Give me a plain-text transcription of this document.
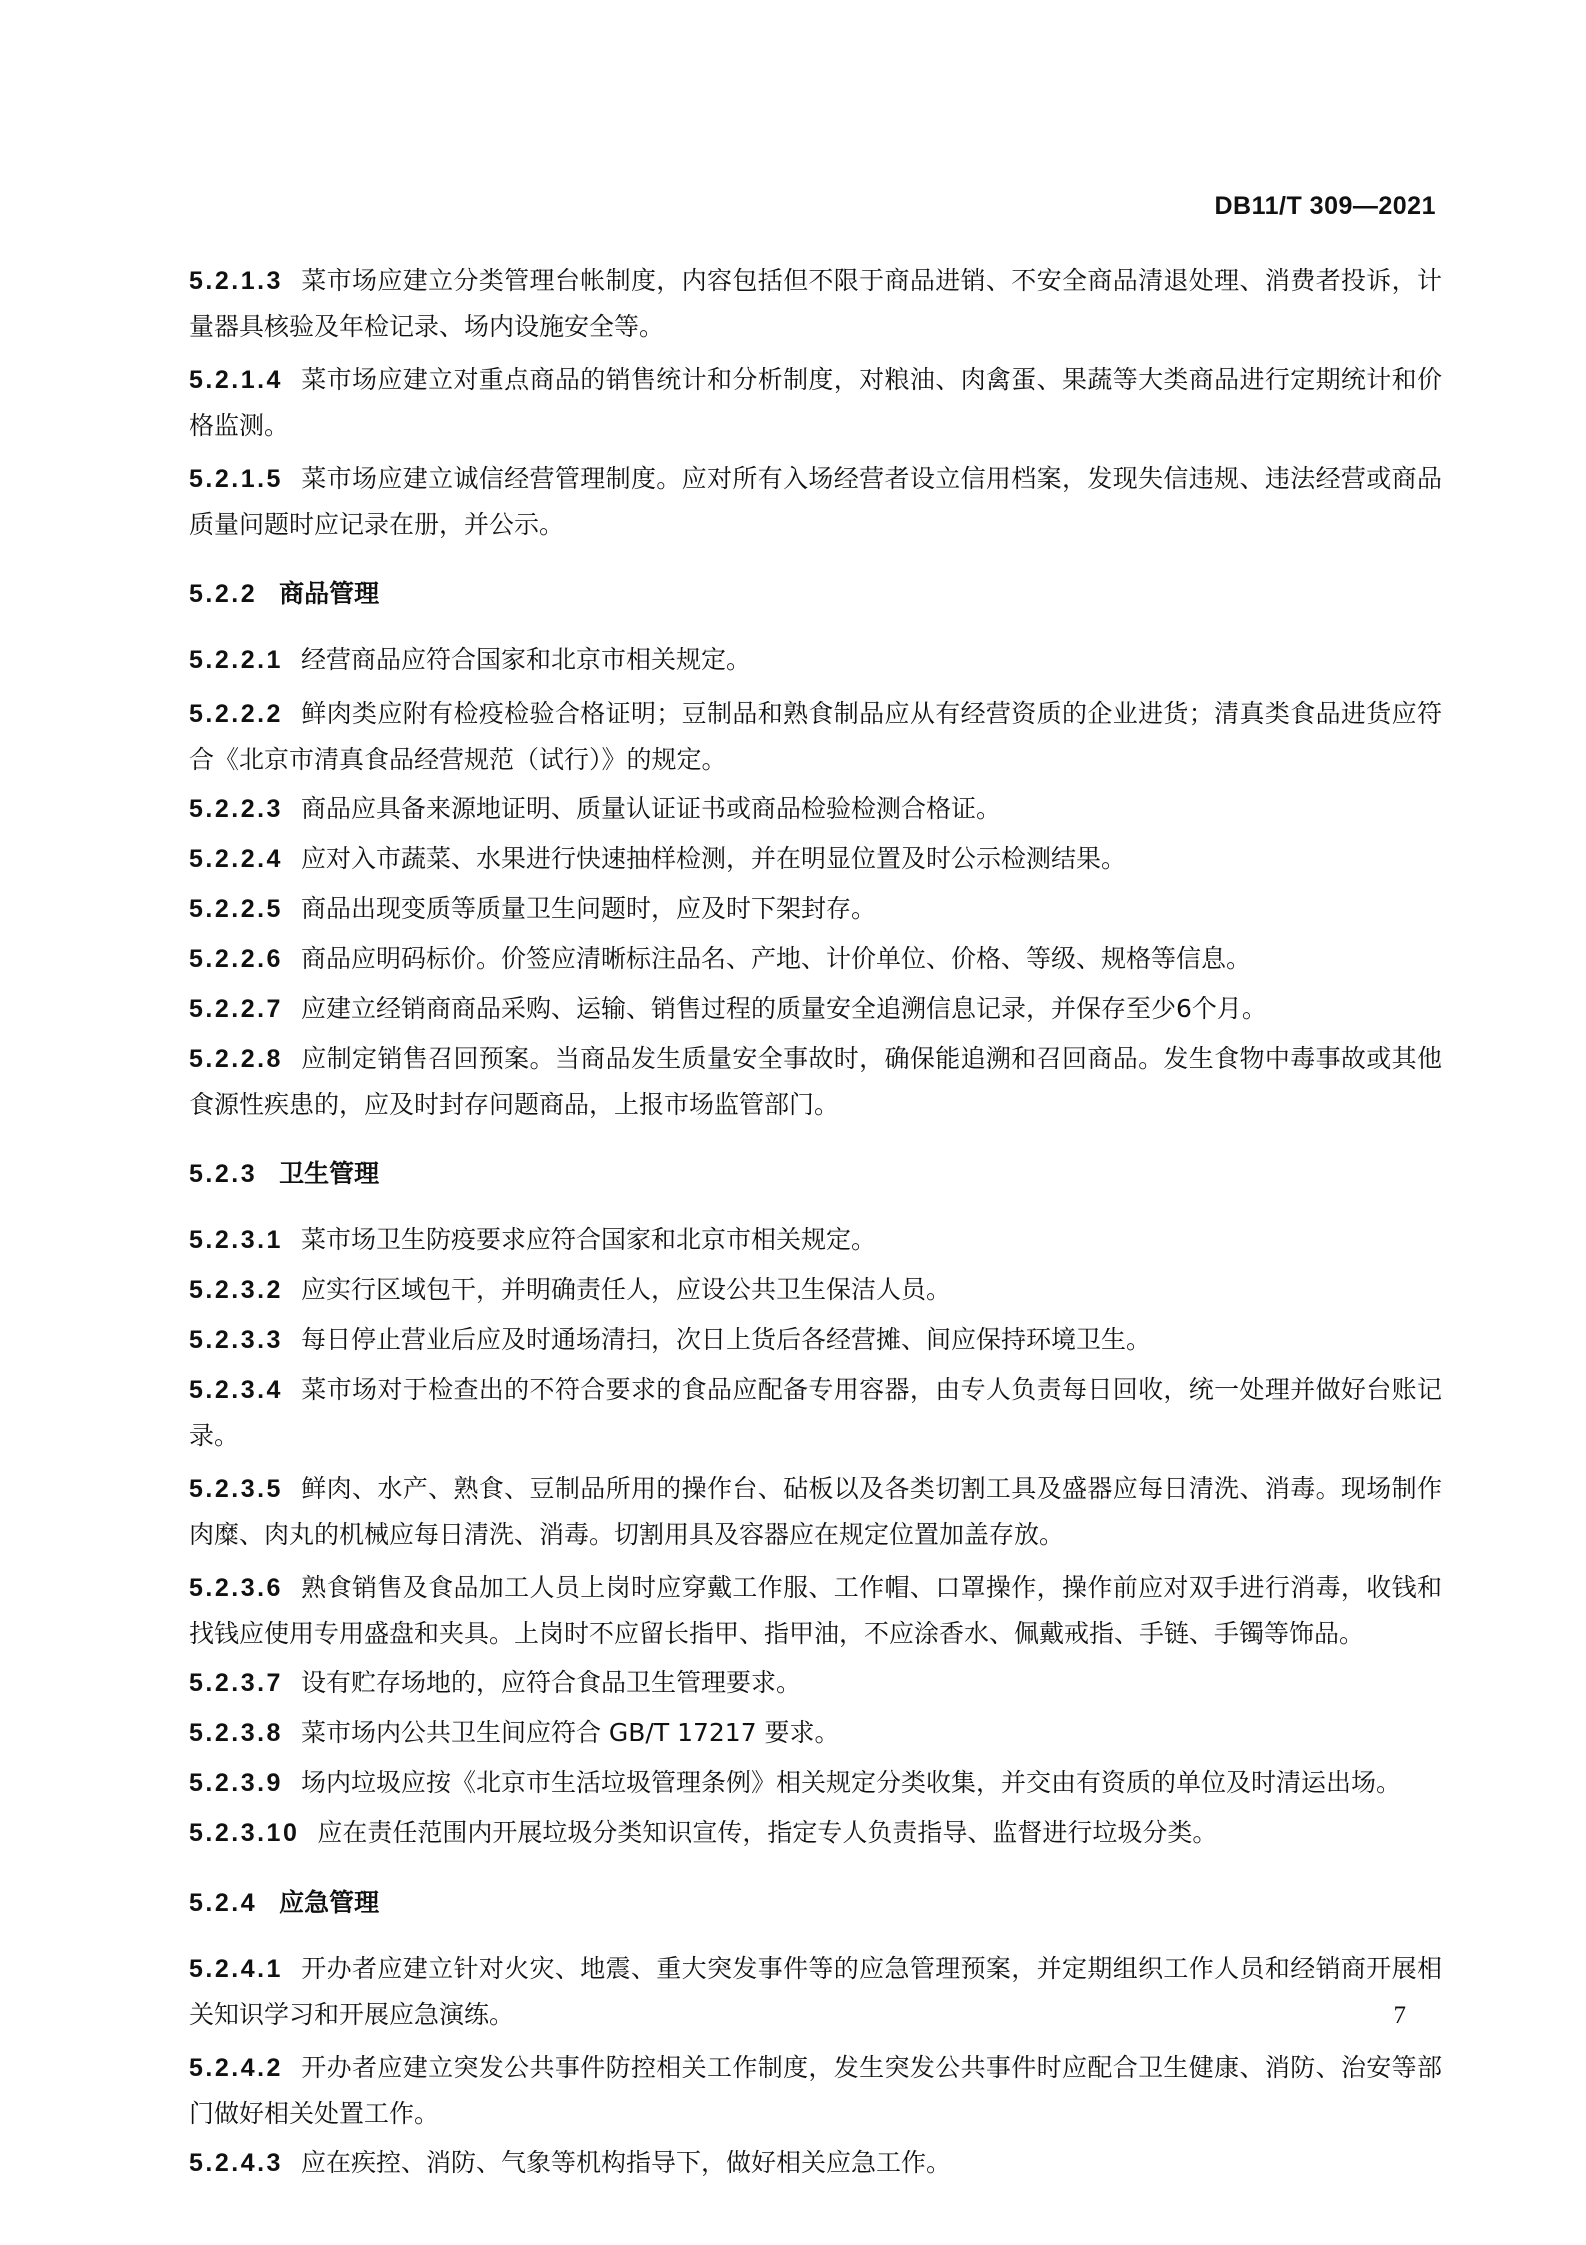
DB11/T 309—2021

5.2.1.3 菜市场应建立分类管理台帐制度，内容包括但不限于商品进销、不安全商品清退处理、消费者投诉，计量器具核验及年检记录、场内设施安全等。

5.2.1.4 菜市场应建立对重点商品的销售统计和分析制度，对粮油、肉禽蛋、果蔬等大类商品进行定期统计和价格监测。

5.2.1.5 菜市场应建立诚信经营管理制度。应对所有入场经营者设立信用档案，发现失信违规、违法经营或商品质量问题时应记录在册，并公示。

5.2.2 商品管理

5.2.2.1 经营商品应符合国家和北京市相关规定。

5.2.2.2 鲜肉类应附有检疫检验合格证明；豆制品和熟食制品应从有经营资质的企业进货；清真类食品进货应符合《北京市清真食品经营规范（试行）》的规定。

5.2.2.3 商品应具备来源地证明、质量认证证书或商品检验检测合格证。

5.2.2.4 应对入市蔬菜、水果进行快速抽样检测，并在明显位置及时公示检测结果。

5.2.2.5 商品出现变质等质量卫生问题时，应及时下架封存。

5.2.2.6 商品应明码标价。价签应清晰标注品名、产地、计价单位、价格、等级、规格等信息。

5.2.2.7 应建立经销商商品采购、运输、销售过程的质量安全追溯信息记录，并保存至少6个月。

5.2.2.8 应制定销售召回预案。当商品发生质量安全事故时，确保能追溯和召回商品。发生食物中毒事故或其他食源性疾患的，应及时封存问题商品，上报市场监管部门。

5.2.3 卫生管理

5.2.3.1 菜市场卫生防疫要求应符合国家和北京市相关规定。

5.2.3.2 应实行区域包干，并明确责任人，应设公共卫生保洁人员。

5.2.3.3 每日停止营业后应及时通场清扫，次日上货后各经营摊、间应保持环境卫生。

5.2.3.4 菜市场对于检查出的不符合要求的食品应配备专用容器，由专人负责每日回收，统一处理并做好台账记录。

5.2.3.5 鲜肉、水产、熟食、豆制品所用的操作台、砧板以及各类切割工具及盛器应每日清洗、消毒。现场制作肉糜、肉丸的机械应每日清洗、消毒。切割用具及容器应在规定位置加盖存放。

5.2.3.6 熟食销售及食品加工人员上岗时应穿戴工作服、工作帽、口罩操作，操作前应对双手进行消毒，收钱和找钱应使用专用盛盘和夹具。上岗时不应留长指甲、指甲油，不应涂香水、佩戴戒指、手链、手镯等饰品。

5.2.3.7 设有贮存场地的，应符合食品卫生管理要求。

5.2.3.8 菜市场内公共卫生间应符合 GB/T 17217 要求。

5.2.3.9 场内垃圾应按《北京市生活垃圾管理条例》相关规定分类收集，并交由有资质的单位及时清运出场。

5.2.3.10 应在责任范围内开展垃圾分类知识宣传，指定专人负责指导、监督进行垃圾分类。

5.2.4 应急管理

5.2.4.1 开办者应建立针对火灾、地震、重大突发事件等的应急管理预案，并定期组织工作人员和经销商开展相关知识学习和开展应急演练。

5.2.4.2 开办者应建立突发公共事件防控相关工作制度，发生突发公共事件时应配合卫生健康、消防、治安等部门做好相关处置工作。

5.2.4.3 应在疾控、消防、气象等机构指导下，做好相关应急工作。

7
